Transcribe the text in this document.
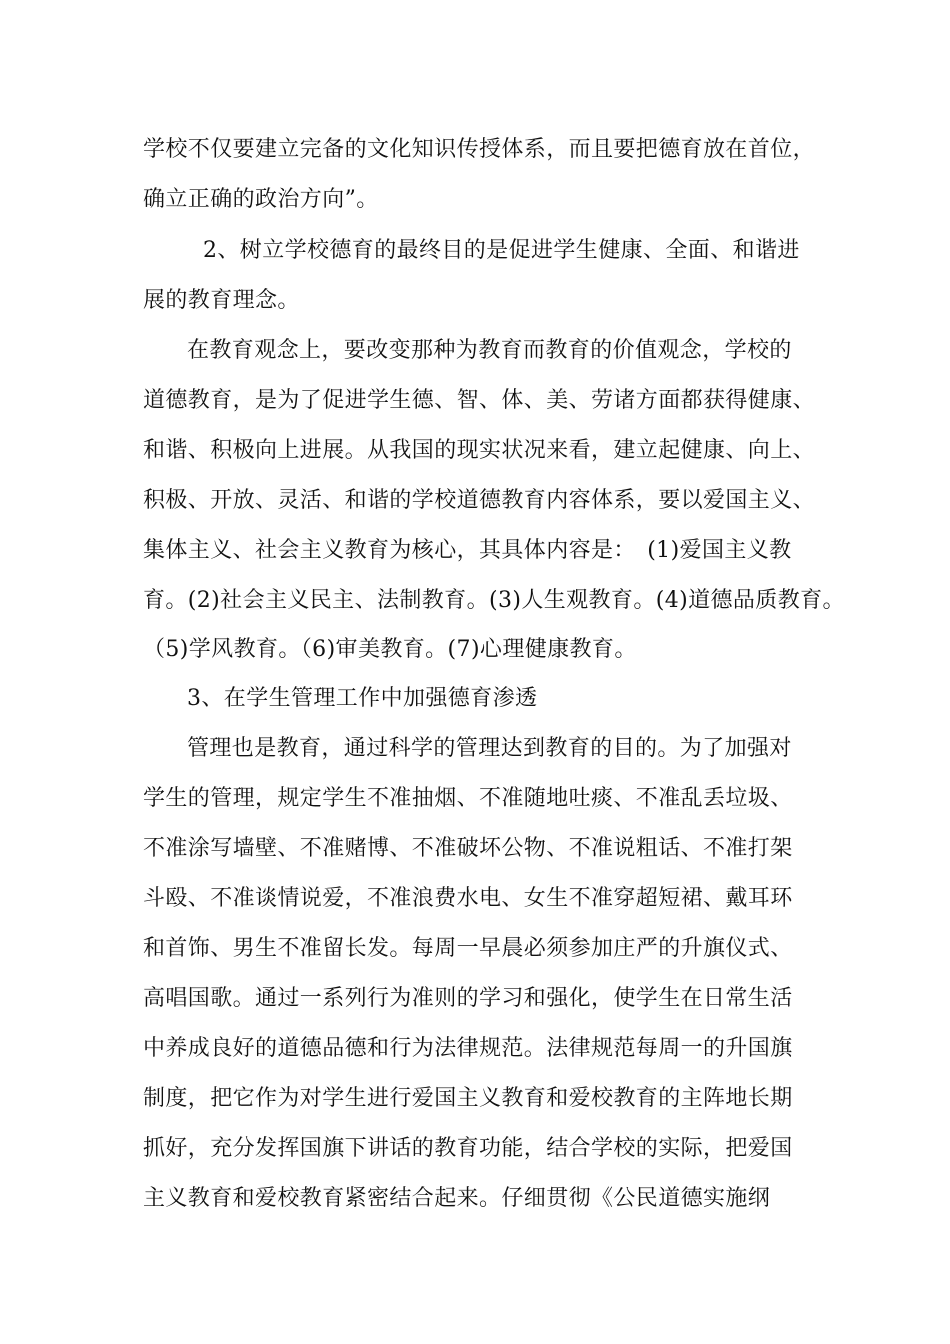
学校不仅要建立完备的文化知识传授体系，而且要把德育放在首位，
确立正确的政治方向”。
2、树立学校德育的最终目的是促进学生健康、全面、和谐进
展的教育理念。
在教育观念上，要改变那种为教育而教育的价值观念，学校的
道德教育，是为了促进学生德、智、体、美、劳诸方面都获得健康、
和谐、积极向上进展。从我国的现实状况来看，建立起健康、向上、
积极、开放、灵活、和谐的学校道德教育内容体系，要以爱国主义、
集体主义、社会主义教育为核心，其具体内容是：　(1)爱国主义教
育。(2)社会主义民主、法制教育。(3)人生观教育。(4)道德品质教育。
（5)学风教育。（6)审美教育。(7)心理健康教育。
3、在学生管理工作中加强德育渗透
管理也是教育，通过科学的管理达到教育的目的。为了加强对
学生的管理，规定学生不准抽烟、不准随地吐痰、不准乱丢垃圾、
不准涂写墙壁、不准赌博、不准破坏公物、不准说粗话、不准打架
斗殴、不准谈情说爱，不准浪费水电、女生不准穿超短裙、戴耳环
和首饰、男生不准留长发。每周一早晨必须参加庄严的升旗仪式、
高唱国歌。通过一系列行为准则的学习和强化，使学生在日常生活
中养成良好的道德品德和行为法律规范。法律规范每周一的升国旗
制度，把它作为对学生进行爱国主义教育和爱校教育的主阵地长期
抓好，充分发挥国旗下讲话的教育功能，结合学校的实际，把爱国
主义教育和爱校教育紧密结合起来。仔细贯彻《公民道德实施纲
